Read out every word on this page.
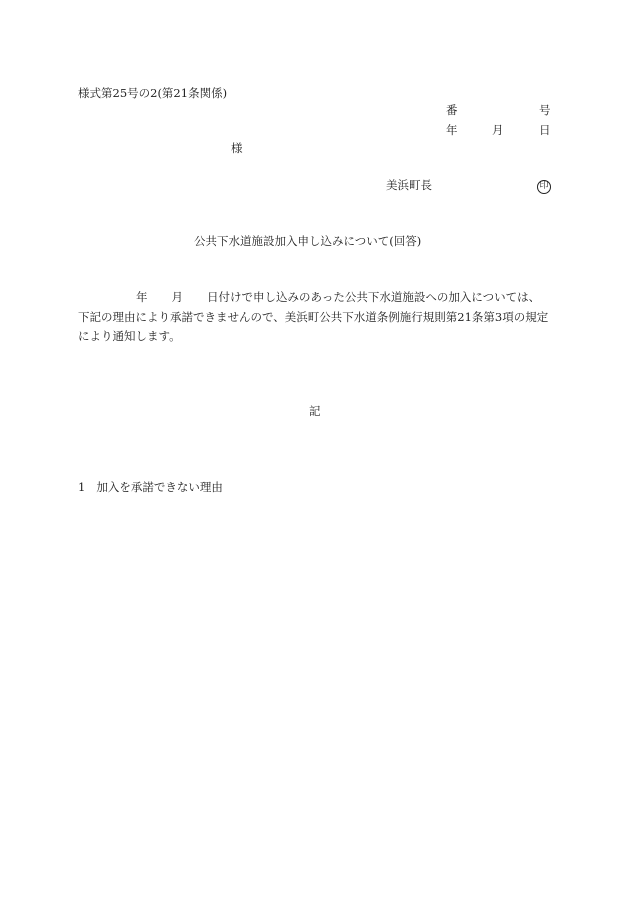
様式第25号の2(第21条関係)
番	号
年	月	日
様
美浜町長	印
公共下水道施設加入申し込みについて(回答)
年 月 日付けで申し込みのあった公共下水道施設への加入については、
下記の理由により承諾できませんので、美浜町公共下水道条例施行規則第21条第3項の規定
により通知します。
記
1 加入を承諾できない理由
